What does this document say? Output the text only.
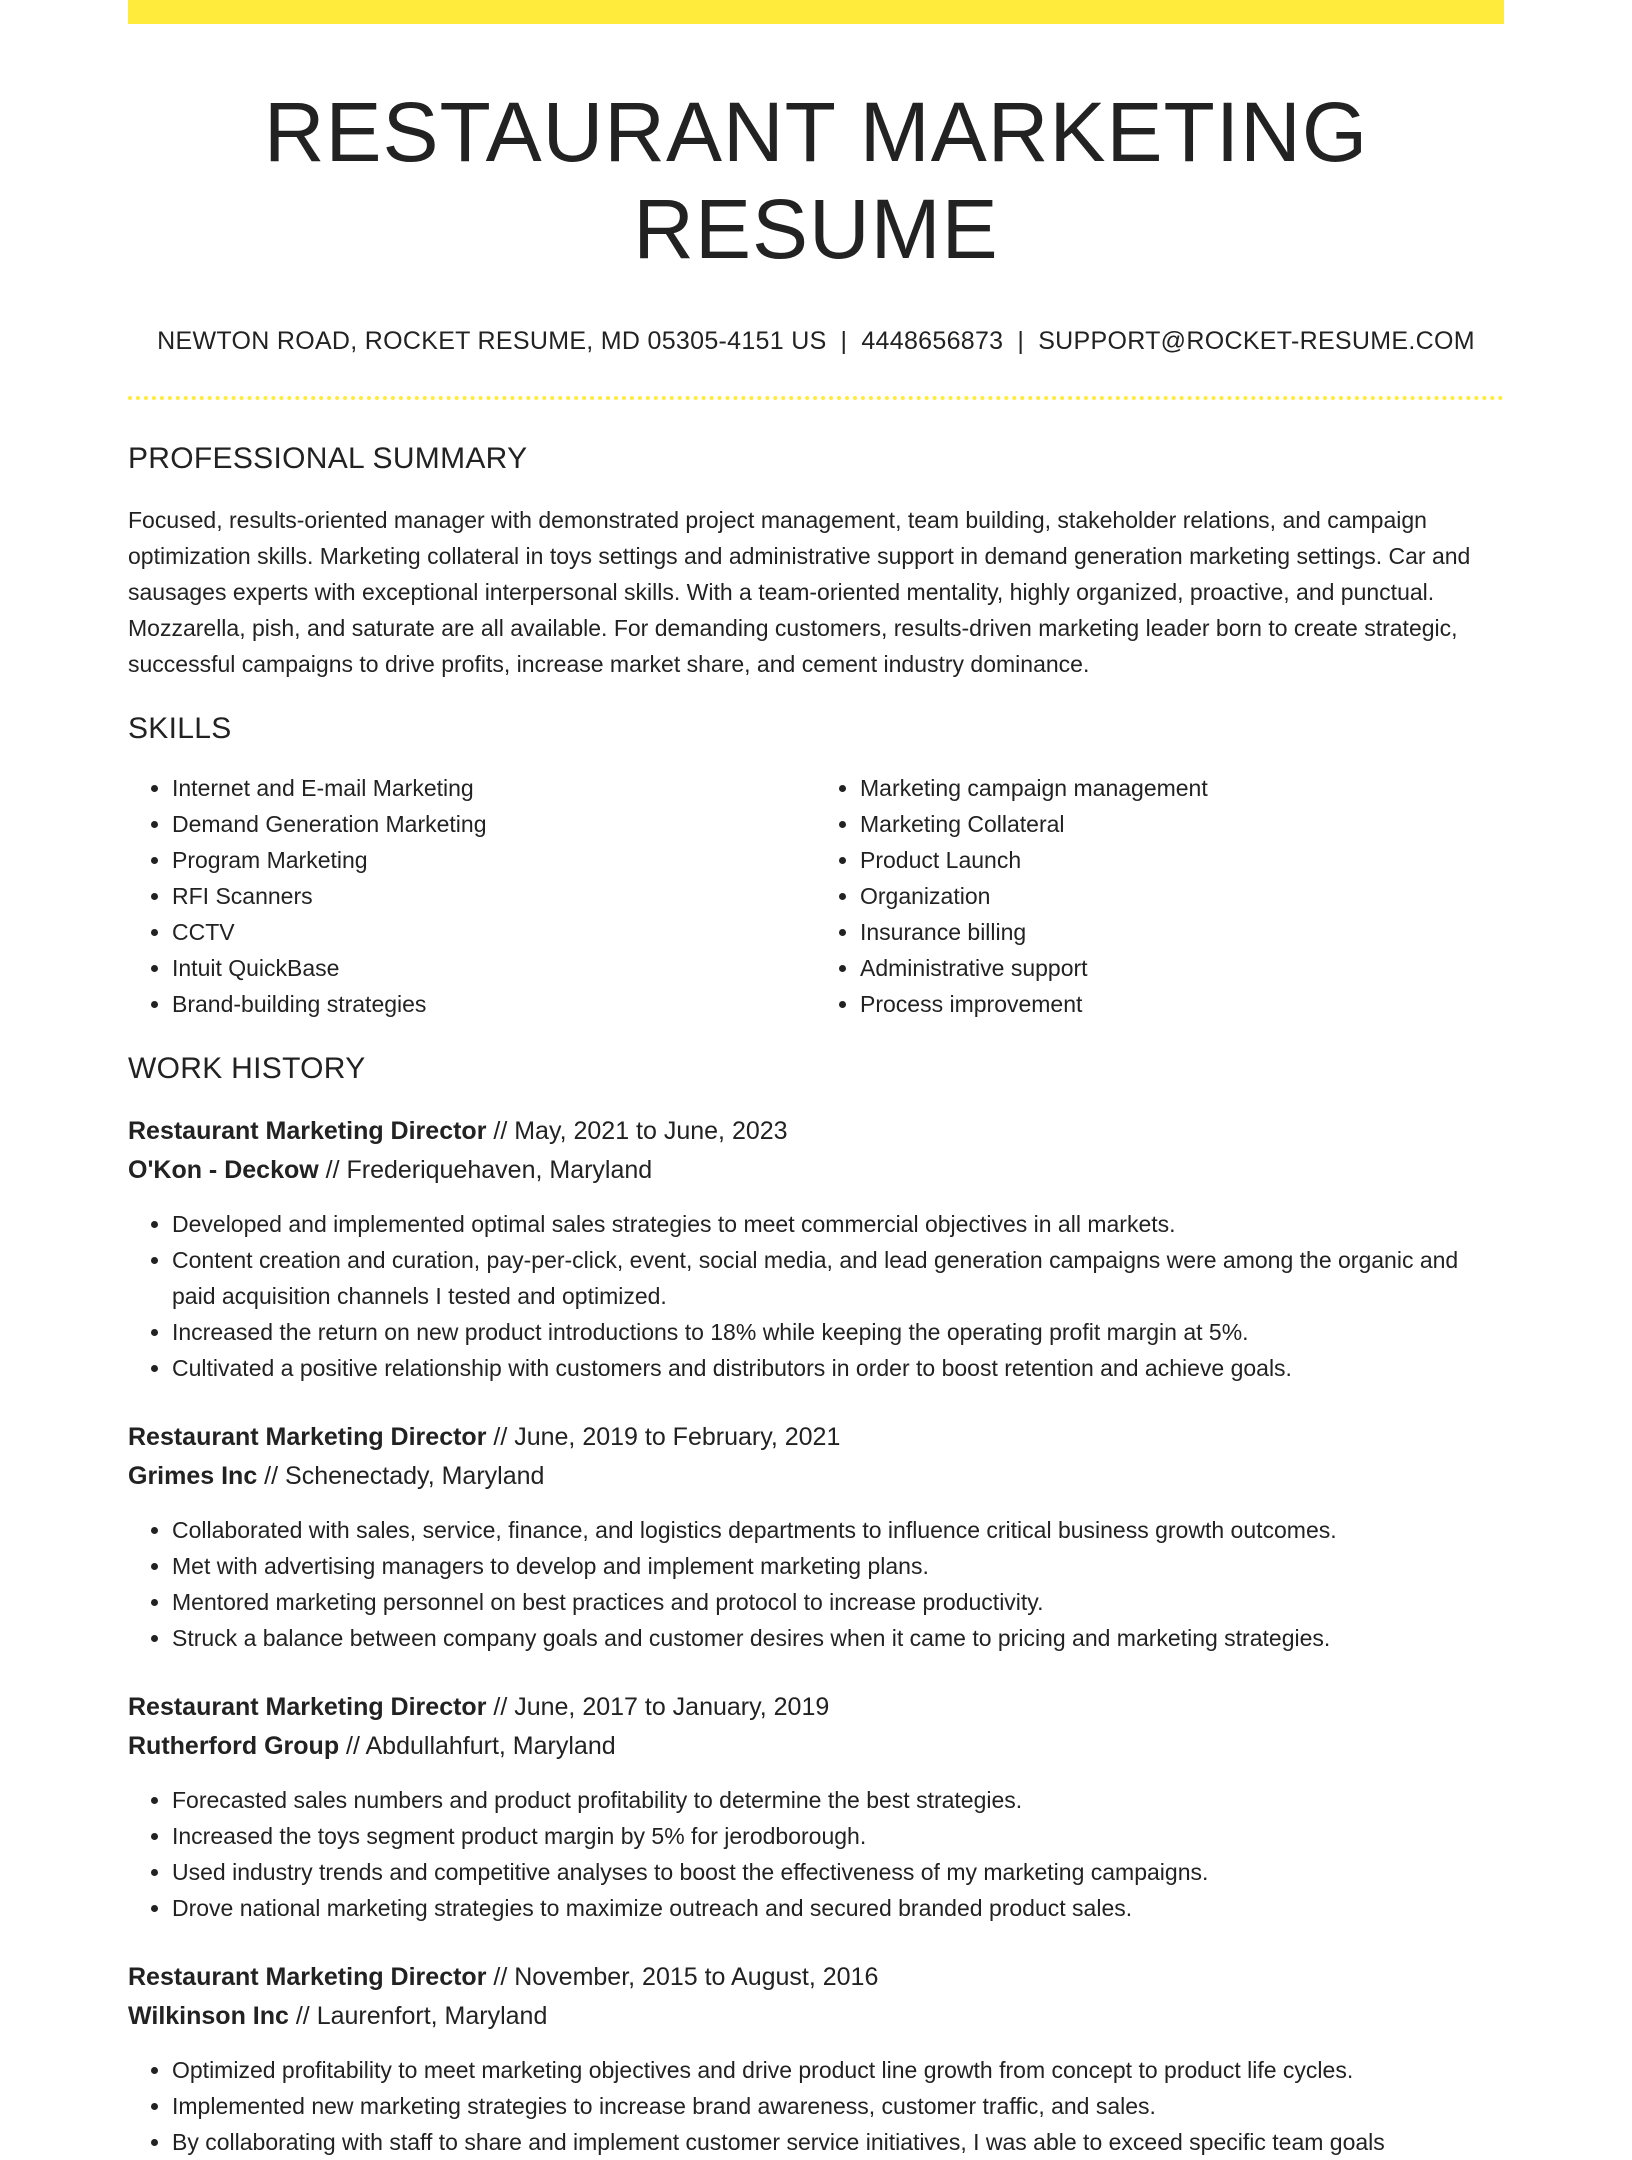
RESTAURANT MARKETING RESUME
NEWTON ROAD, ROCKET RESUME, MD 05305-4151 US | 4448656873 | SUPPORT@ROCKET-RESUME.COM
PROFESSIONAL SUMMARY

Focused, results-oriented manager with demonstrated project management, team building, stakeholder relations, and campaign optimization skills. Marketing collateral in toys settings and administrative support in demand generation marketing settings. Car and sausages experts with exceptional interpersonal skills. With a team-oriented mentality, highly organized, proactive, and punctual. Mozzarella, pish, and saturate are all available. For demanding customers, results-driven marketing leader born to create strategic, successful campaigns to drive profits, increase market share, and cement industry dominance.

SKILLS
• Internet and E-mail Marketing
• Demand Generation Marketing
• Program Marketing
• RFI Scanners
• CCTV
• Intuit QuickBase
• Brand-building strategies
• Marketing campaign management
• Marketing Collateral
• Product Launch
• Organization
• Insurance billing
• Administrative support
• Process improvement
WORK HISTORY
Restaurant Marketing Director // May, 2021 to June, 2023
O'Kon - Deckow // Frederiquehaven, Maryland
• Developed and implemented optimal sales strategies to meet commercial objectives in all markets.
• Content creation and curation, pay-per-click, event, social media, and lead generation campaigns were among the organic and paid acquisition channels I tested and optimized.
• Increased the return on new product introductions to 18% while keeping the operating profit margin at 5%.
• Cultivated a positive relationship with customers and distributors in order to boost retention and achieve goals.
Restaurant Marketing Director // June, 2019 to February, 2021
Grimes Inc // Schenectady, Maryland
• Collaborated with sales, service, finance, and logistics departments to influence critical business growth outcomes.
• Met with advertising managers to develop and implement marketing plans.
• Mentored marketing personnel on best practices and protocol to increase productivity.
• Struck a balance between company goals and customer desires when it came to pricing and marketing strategies.
Restaurant Marketing Director // June, 2017 to January, 2019
Rutherford Group // Abdullahfurt, Maryland
• Forecasted sales numbers and product profitability to determine the best strategies.
• Increased the toys segment product margin by 5% for jerodborough.
• Used industry trends and competitive analyses to boost the effectiveness of my marketing campaigns.
• Drove national marketing strategies to maximize outreach and secured branded product sales.
Restaurant Marketing Director // November, 2015 to August, 2016
Wilkinson Inc // Laurenfort, Maryland
• Optimized profitability to meet marketing objectives and drive product line growth from concept to product life cycles.
• Implemented new marketing strategies to increase brand awareness, customer traffic, and sales.
• By collaborating with staff to share and implement customer service initiatives, I was able to exceed specific team goals
